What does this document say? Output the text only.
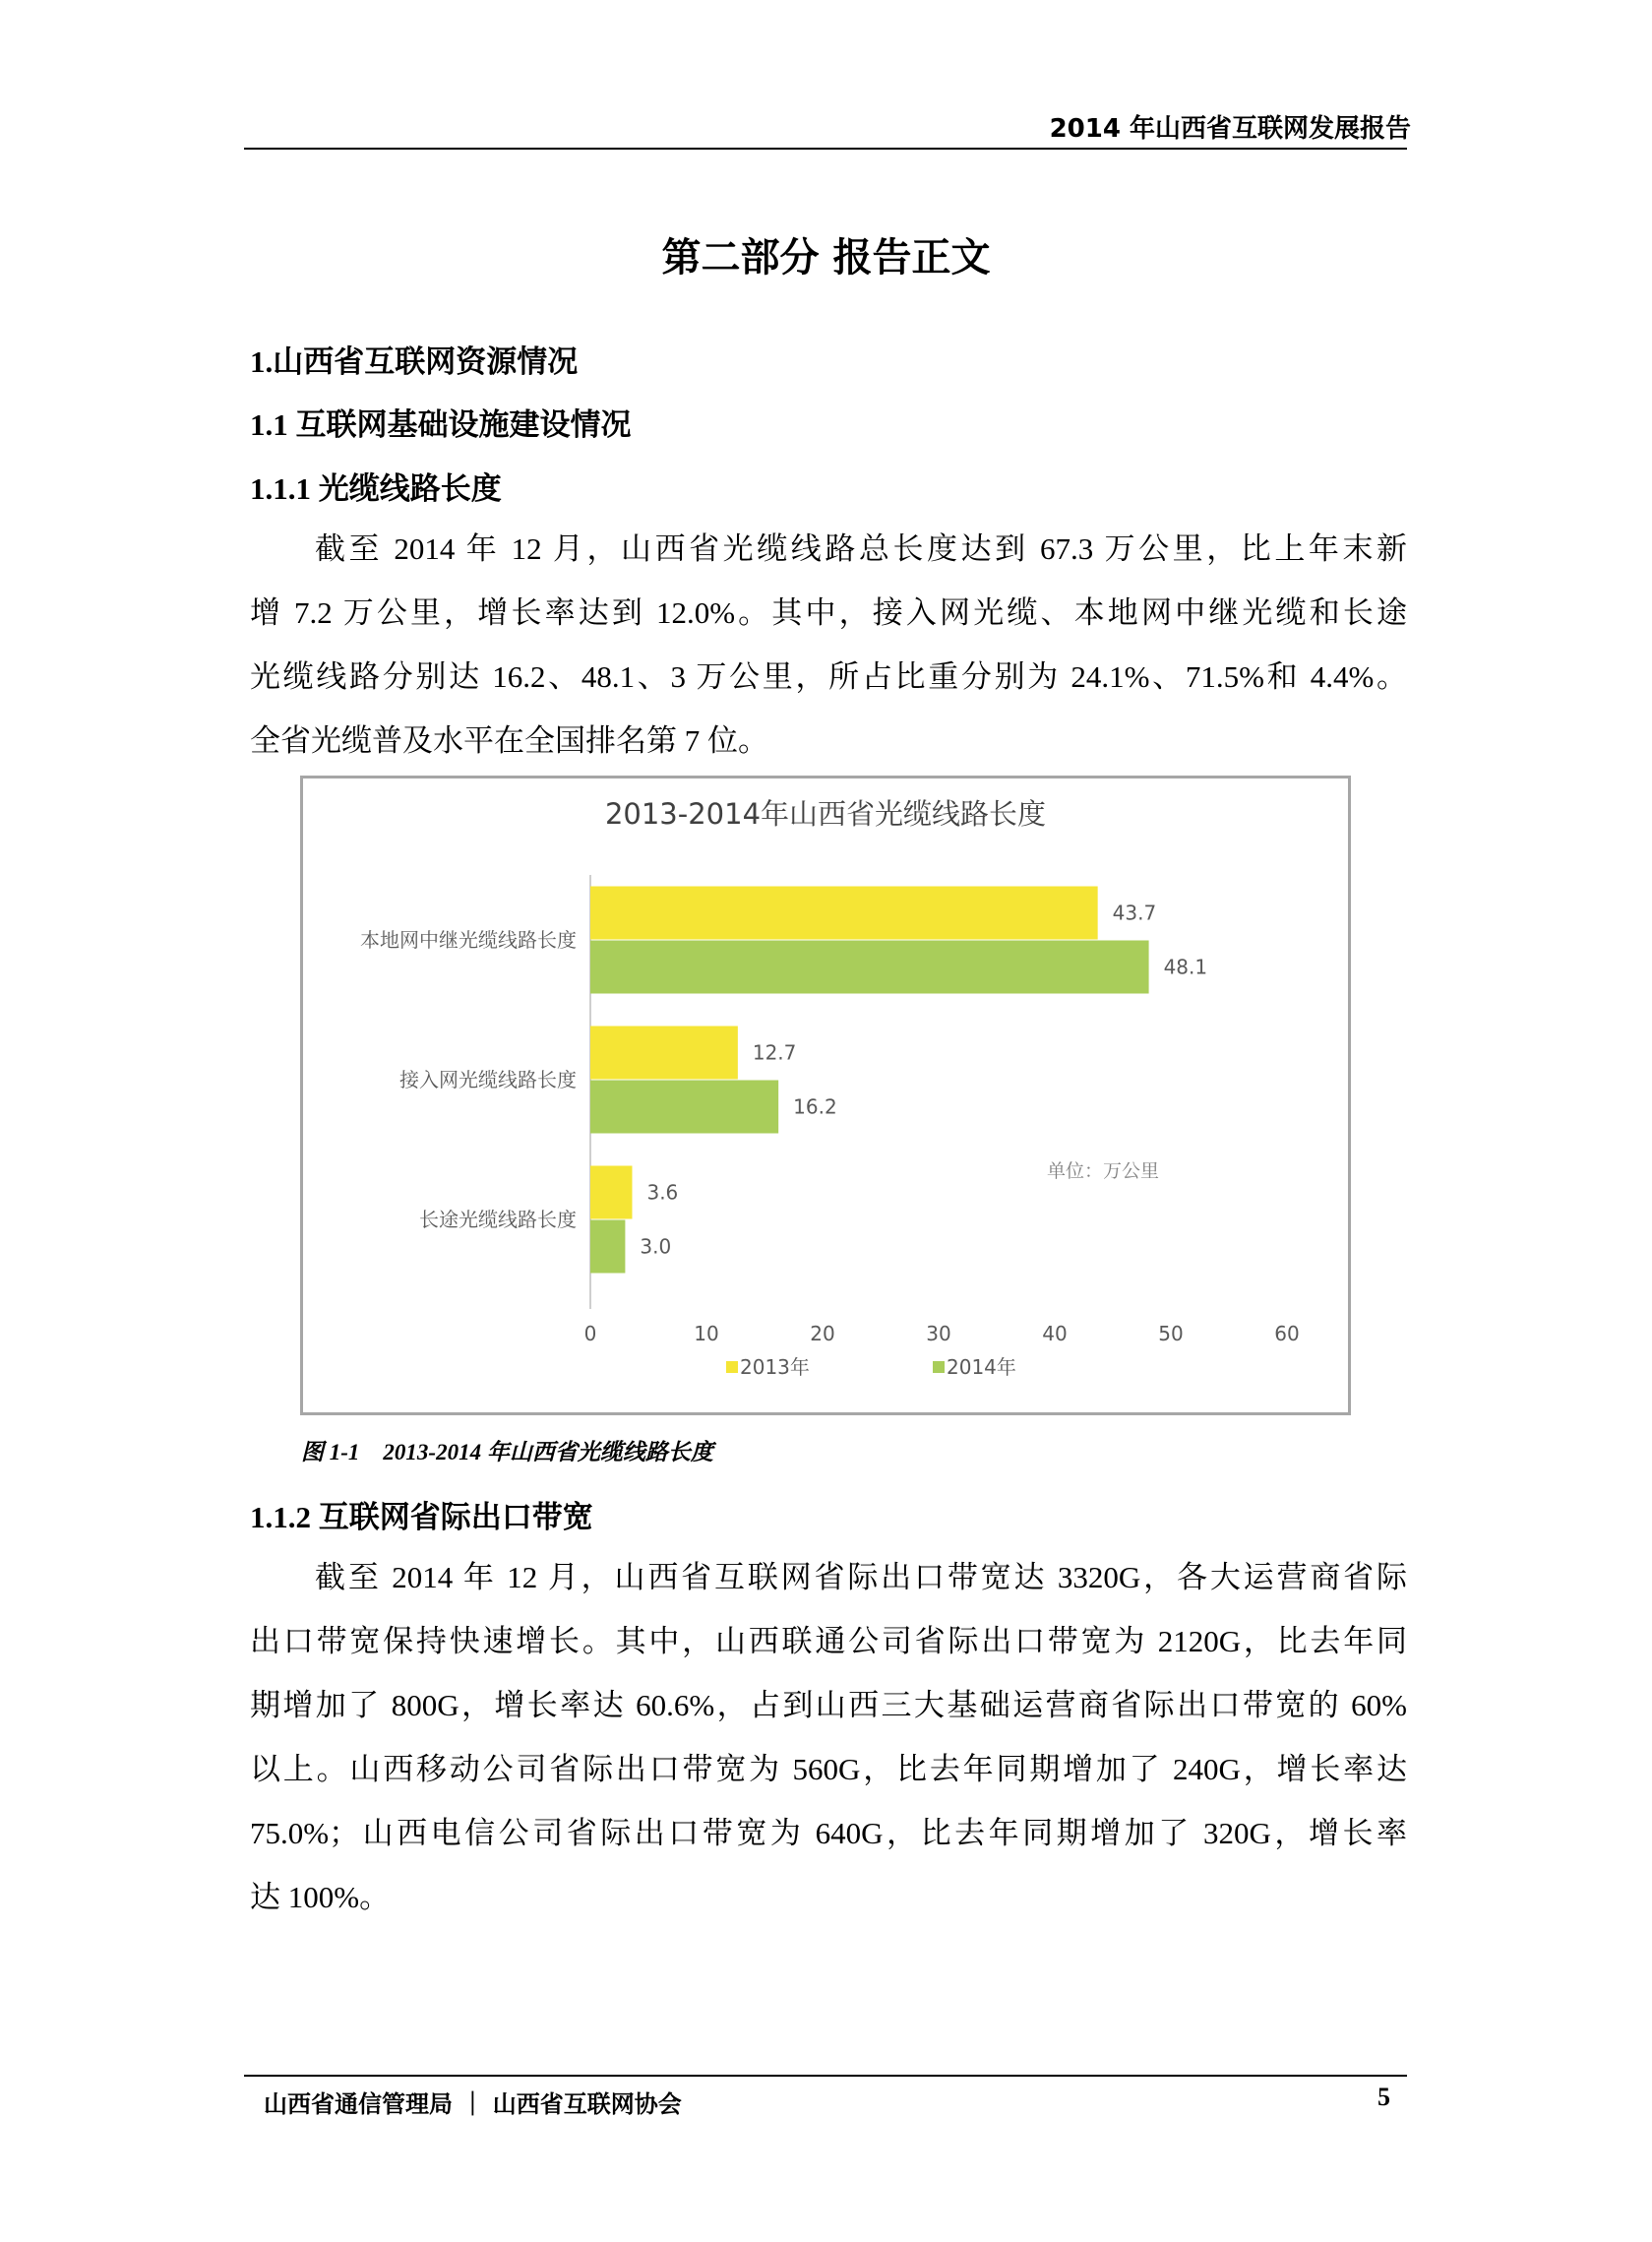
2014 年山西省互联网发展报告
第二部分 报告正文
1.山西省互联网资源情况
1.1 互联网基础设施建设情况
1.1.1 光缆线路长度
截至 2014 年 12 月，山西省光缆线路总长度达到 67.3 万公里，比上年末新
增 7.2 万公里，增长率达到 12.0%。其中，接入网光缆、本地网中继光缆和长途
光缆线路分别达 16.2、48.1、3 万公里，所占比重分别为 24.1%、71.5%和 4.4%。
全省光缆普及水平在全国排名第 7 位。
2013-2014年山西省光缆线路长度
43.7
48.1
本地网中继光缆线路长度
12.7
16.2
接入网光缆线路长度
3.6
3.0
长途光缆线路长度
0	10	20	30	40	50	60
单位：万公里
2013年	2014年
图 1-1 2013-2014 年山西省光缆线路长度
1.1.2 互联网省际出口带宽
截至 2014 年 12 月，山西省互联网省际出口带宽达 3320G，各大运营商省际
出口带宽保持快速增长。其中，山西联通公司省际出口带宽为 2120G，比去年同
期增加了 800G，增长率达 60.6%，占到山西三大基础运营商省际出口带宽的 60%
以上。山西移动公司省际出口带宽为 560G，比去年同期增加了 240G，增长率达
75.0%；山西电信公司省际出口带宽为 640G，比去年同期增加了 320G，增长率
达 100%。
山西省通信管理局 ｜ 山西省互联网协会	5
